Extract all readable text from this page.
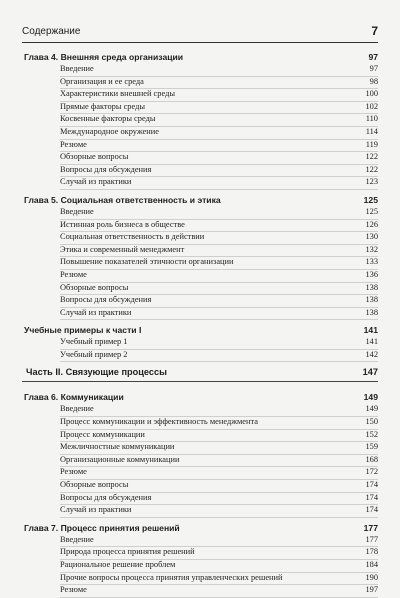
Содержание	7
Глава 4. Внешняя среда организации	97
Введение	97
Организация и ее среда	98
Характеристики внешней среды	100
Прямые факторы среды	102
Косвенные факторы среды	110
Международное окружение	114
Резюме	119
Обзорные вопросы	122
Вопросы для обсуждения	122
Случай из практики	123
Глава 5. Социальная ответственность и этика	125
Введение	125
Истинная роль бизнеса в обществе	126
Социальная ответственность в действии	130
Этика и современный менеджмент	132
Повышение показателей этичности организации	133
Резюме	136
Обзорные вопросы	138
Вопросы для обсуждения	138
Случай из практики	138
Учебные примеры к части I	141
Учебный пример 1	141
Учебный пример 2	142
Часть II. Связующие процессы	147
Глава 6. Коммуникации	149
Введение	149
Процесс коммуникации и эффективность менеджмента	150
Процесс коммуникации	152
Межличностные коммуникации	159
Организационные коммуникации	168
Резюме	172
Обзорные вопросы	174
Вопросы для обсуждения	174
Случай из практики	174
Глава 7. Процесс принятия решений	177
Введение	177
Природа процесса принятия решений	178
Рациональное решение проблем	184
Прочие вопросы процесса принятия управленческих решений	190
Резюме	197
